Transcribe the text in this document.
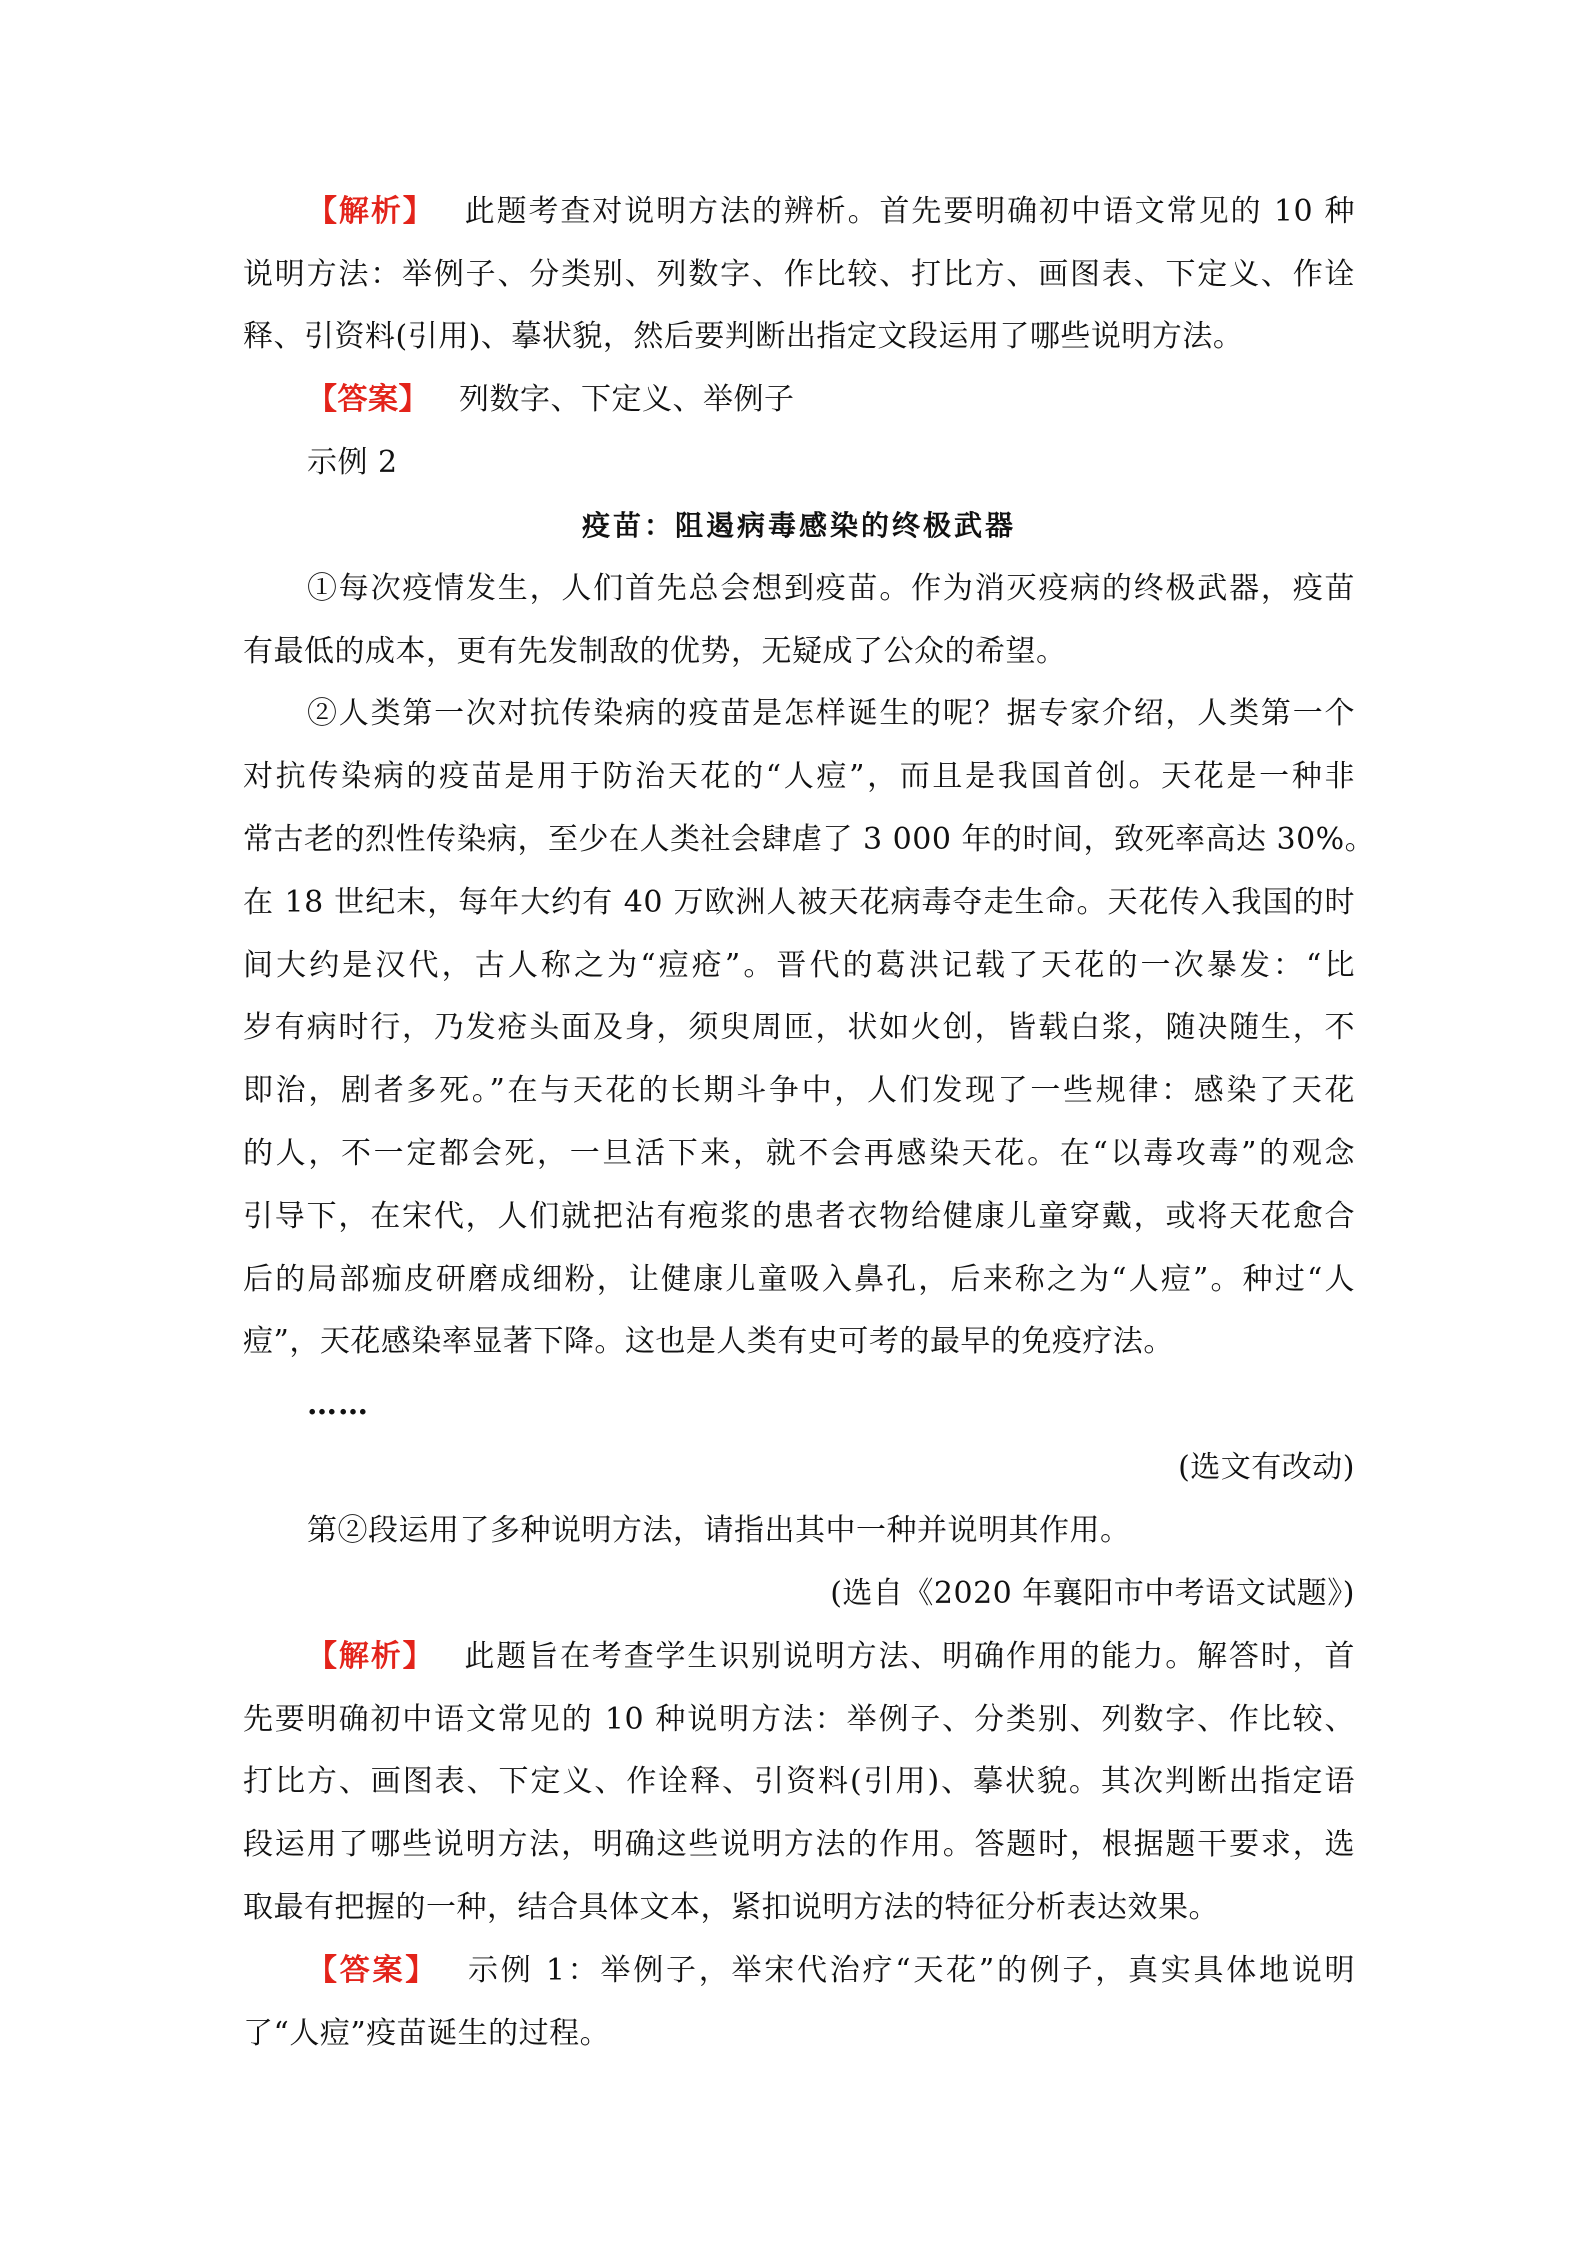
【解析】 此题考查对说明方法的辨析。首先要明确初中语文常见的 10 种
说明方法：举例子、分类别、列数字、作比较、打比方、画图表、下定义、作诠
释、引资料(引用)、摹状貌，然后要判断出指定文段运用了哪些说明方法。
【答案】 列数字、下定义、举例子
示例 2
疫苗：阻遏病毒感染的终极武器
①每次疫情发生，人们首先总会想到疫苗。作为消灭疫病的终极武器，疫苗
有最低的成本，更有先发制敌的优势，无疑成了公众的希望。
②人类第一次对抗传染病的疫苗是怎样诞生的呢？据专家介绍，人类第一个
对抗传染病的疫苗是用于防治天花的“人痘”，而且是我国首创。天花是一种非
常古老的烈性传染病，至少在人类社会肆虐了 3 000 年的时间，致死率高达 30%。
在 18 世纪末，每年大约有 40 万欧洲人被天花病毒夺走生命。天花传入我国的时
间大约是汉代，古人称之为“痘疮”。晋代的葛洪记载了天花的一次暴发：“比
岁有病时行，乃发疮头面及身，须臾周匝，状如火创，皆载白浆，随决随生，不
即治，剧者多死。”在与天花的长期斗争中，人们发现了一些规律：感染了天花
的人，不一定都会死，一旦活下来，就不会再感染天花。在“以毒攻毒”的观念
引导下，在宋代，人们就把沾有疱浆的患者衣物给健康儿童穿戴，或将天花愈合
后的局部痂皮研磨成细粉，让健康儿童吸入鼻孔，后来称之为“人痘”。种过“人
痘”，天花感染率显著下降。这也是人类有史可考的最早的免疫疗法。
……
(选文有改动)
第②段运用了多种说明方法，请指出其中一种并说明其作用。
(选自《2020 年襄阳市中考语文试题》)
【解析】 此题旨在考查学生识别说明方法、明确作用的能力。解答时，首
先要明确初中语文常见的 10 种说明方法：举例子、分类别、列数字、作比较、
打比方、画图表、下定义、作诠释、引资料(引用)、摹状貌。其次判断出指定语
段运用了哪些说明方法，明确这些说明方法的作用。答题时，根据题干要求，选
取最有把握的一种，结合具体文本，紧扣说明方法的特征分析表达效果。
【答案】 示例 1：举例子，举宋代治疗“天花”的例子，真实具体地说明
了“人痘”疫苗诞生的过程。
